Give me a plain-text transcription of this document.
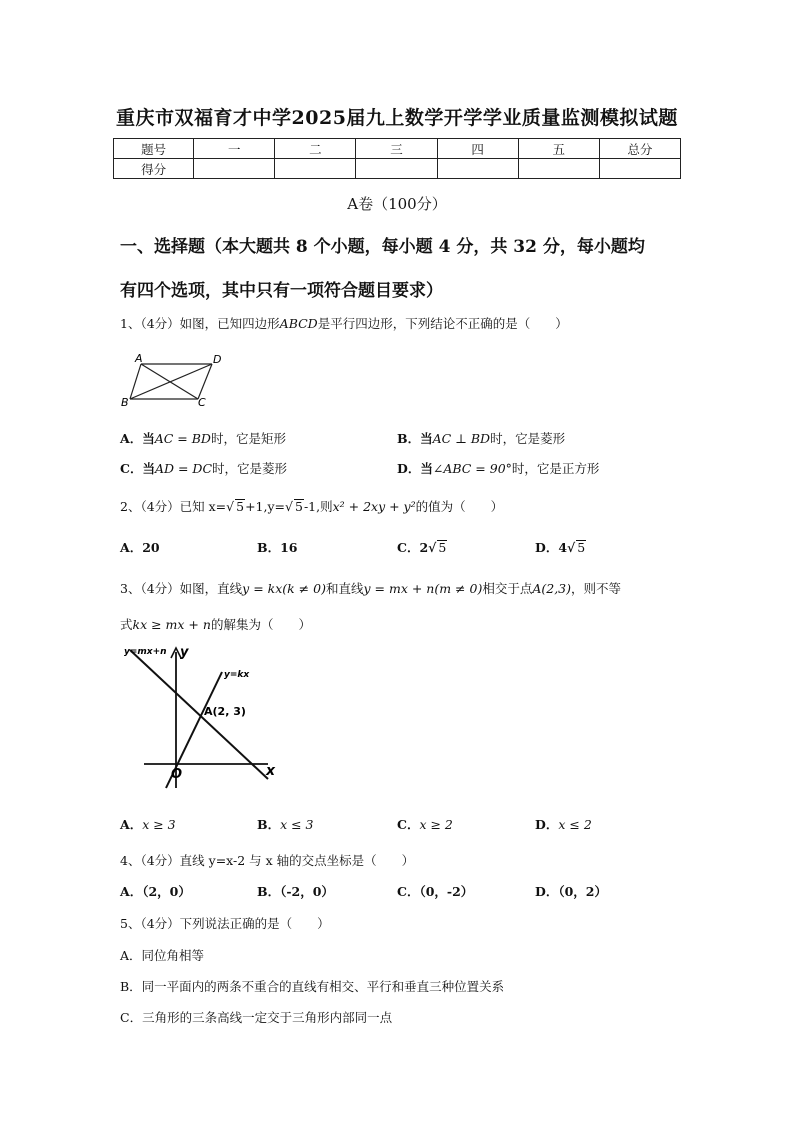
重庆市双福育才中学2025届九上数学开学学业质量监测模拟试题
题号	一	二	三	四	五	总分
得分						
A卷（100分）
一、选择题（本大题共 8 个小题，每小题 4 分，共 32 分，每小题均
有四个选项，其中只有一项符合题目要求）
1、（4分）如图，已知四边形ABCD是平行四边形，下列结论不正确的是（　　）
A	D
B	C
A．当AC = BD时，它是矩形	B．当AC ⊥ BD时，它是菱形
C．当AD = DC时，它是菱形	D．当∠ABC = 90°时，它是正方形
2、（4分）已知 x=√ 5+1,y=√ 5-1,则x² + 2xy + y²的值为（　　）
A．20	B．16	C．2√ 5	D．4√ 5
3、（4分）如图，直线y = kx(k ≠ 0)和直线y = mx + n(m ≠ 0)相交于点A(2,3)，则不等
式kx ≥ mx + n的解集为（　　）
y=mx+n y
y=kx
A(2, 3)
O	x
A．x ≥ 3	B．x ≤ 3	C．x ≥ 2	D．x ≤ 2
4、（4分）直线 y=x-2 与 x 轴的交点坐标是（　　）
A．（2，0）	B．（-2，0）	C．（0，-2）	D．（0，2）
5、（4分）下列说法正确的是（　　）
A．同位角相等
B．同一平面内的两条不重合的直线有相交、平行和垂直三种位置关系
C．三角形的三条高线一定交于三角形内部同一点
